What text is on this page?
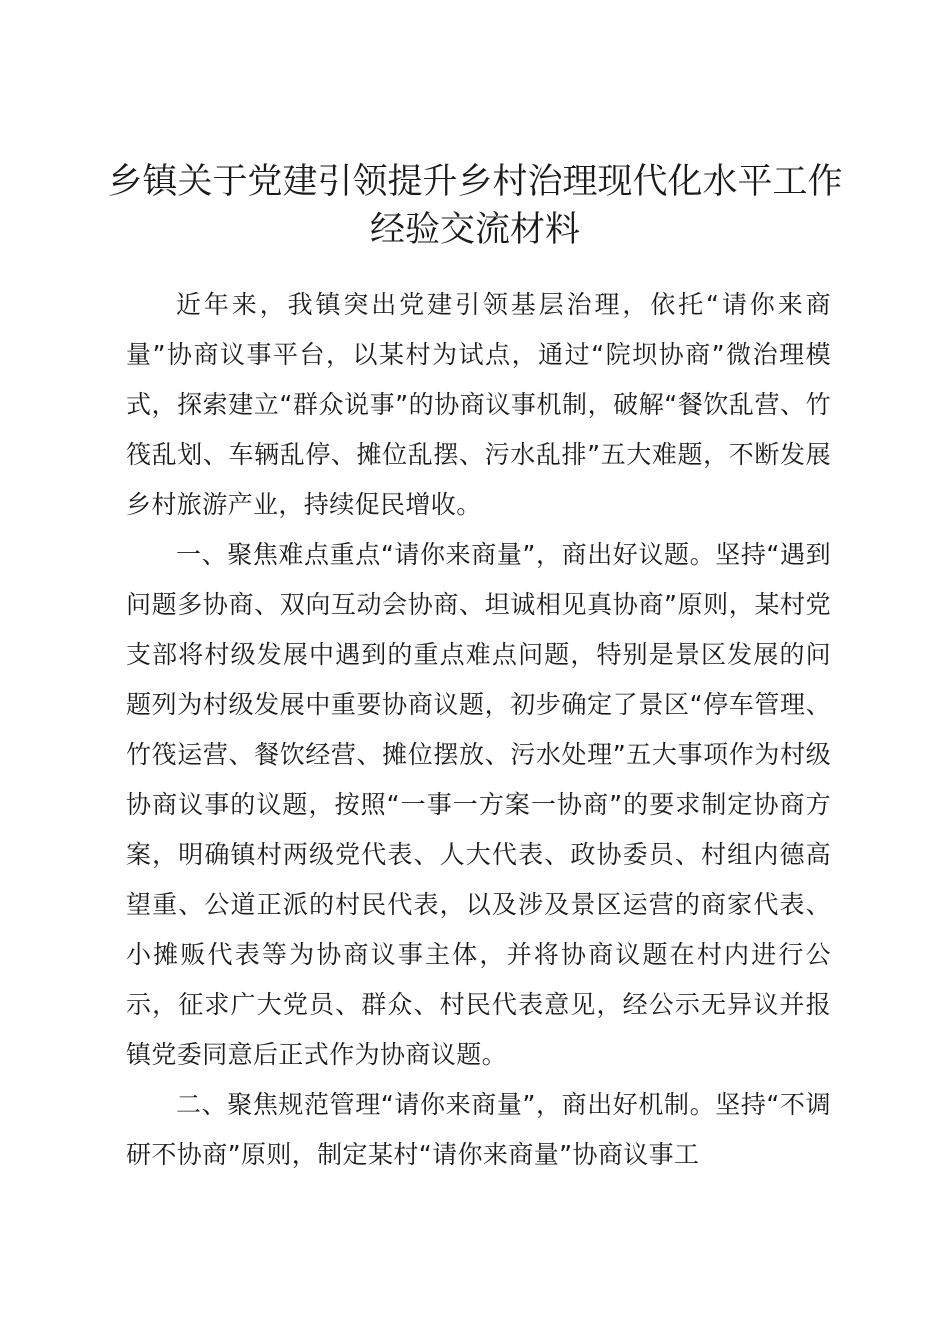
乡镇关于党建引领提升乡村治理现代化水平工作经验交流材料

近年来，我镇突出党建引领基层治理，依托“请你来商量”协商议事平台，以某村为试点，通过“院坝协商”微治理模式，探索建立“群众说事”的协商议事机制，破解“餐饮乱营、竹筏乱划、车辆乱停、摊位乱摆、污水乱排”五大难题，不断发展乡村旅游产业，持续促民增收。

一、聚焦难点重点“请你来商量”，商出好议题。坚持“遇到问题多协商、双向互动会协商、坦诚相见真协商”原则，某村党支部将村级发展中遇到的重点难点问题，特别是景区发展的问题列为村级发展中重要协商议题，初步确定了景区“停车管理、竹筏运营、餐饮经营、摊位摆放、污水处理”五大事项作为村级协商议事的议题，按照“一事一方案一协商”的要求制定协商方案，明确镇村两级党代表、人大代表、政协委员、村组内德高望重、公道正派的村民代表，以及涉及景区运营的商家代表、小摊贩代表等为协商议事主体，并将协商议题在村内进行公示，征求广大党员、群众、村民代表意见，经公示无异议并报镇党委同意后正式作为协商议题。

二、聚焦规范管理“请你来商量”，商出好机制。坚持“不调研不协商”原则，制定某村“请你来商量”协商议事工
